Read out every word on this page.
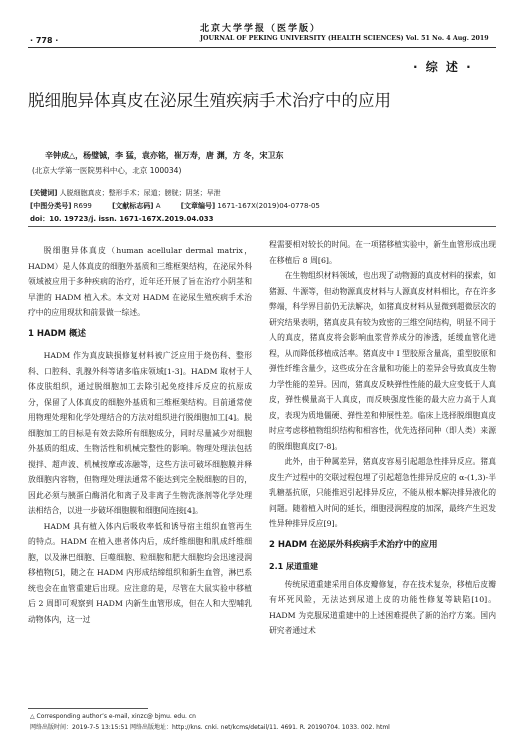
· 778 ·
北京大学学报（医学版）
JOURNAL OF PEKING UNIVERSITY (HEALTH SCIENCES) Vol. 51 No. 4 Aug. 2019
· 综 述 ·
脱细胞异体真皮在泌尿生殖疾病手术治疗中的应用
辛钟成△，杨璧铖，李 猛，袁亦铭，崔万寿，唐 渊，方 冬，宋卫东
(北京大学第一医院男科中心，北京 100034)
[关键词] 人脱细胞真皮；整形手术；尿道；膀胱；阴茎；早泄
[中图分类号] R699	[文献标志码] A	[文章编号] 1671-167X(2019)04-0778-05
doi：10. 19723/j. issn. 1671-167X.2019.04.033

脱细胞异体真皮（human acellular dermal matrix，HADM）是人体真皮的细胞外基质和三维框架结构，在泌尿外科领域被应用于多种疾病的治疗，近年还开展了旨在治疗小阴茎和早泄的 HADM 植入术。本文对 HADM 在泌尿生殖疾病手术治疗中的应用现状和前景做一综述。

1 HADM 概述

HADM 作为真皮缺损修复材料被广泛应用于烧伤科、整形科、口腔科、乳腺外科等诸多临床领域[1-3]。HADM 取材于人体皮肤组织，通过脱细胞加工去除引起免疫排斥反应的抗原成分，保留了人体真皮的细胞外基质和三维框架结构。目前通常使用物理处理和化学处理结合的方法对组织进行脱细胞加工[4]。脱细胞加工的目标是有效去除所有细胞成分，同时尽量减少对细胞外基质的组成、生物活性和机械完整性的影响。物理处理法包括搅拌、超声波、机械按摩或冻融等，这些方法可破坏细胞膜并释放细胞内容物，但物理处理法通常不能达到完全脱细胞的目的，因此必须与胰蛋白酶消化和离子及非离子生物洗涤剂等化学处理法相结合，以进一步破坏细胞膜和细胞间连接[4]。

HADM 具有植入体内后吸收率低和诱导宿主组织血管再生的特点。HADM 在植入患者体内后，成纤维细胞和肌成纤维细胞，以及淋巴细胞、巨噬细胞、粒细胞和肥大细胞均会迅速浸润移植物[5]，随之在 HADM 内形成结缔组织和新生血管，淋巴系统也会在血管重建后出现。应注意的是，尽管在大鼠实验中移植后 2 周即可观察到 HADM 内新生血管形成，但在人和大型哺乳动物体内，这一过

程需要相对较长的时间。在一项猪移植实验中，新生血管形成出现在移植后 8 周[6]。

在生物组织材料领域，也出现了动物源的真皮材料的探索，如猪源、牛源等，但动物源真皮材料与人源真皮材料相比，存在许多弊端，科学界目前仍无法解决，如猪真皮材料从显微到超微层次的研究结果表明，猪真皮具有较为致密的三维空间结构，明显不同于人的真皮，猪真皮将会影响血浆营养成分的渗透，延缓血管化进程，从而降低移植成活率。猪真皮中 I 型胶原含量高，重型胶原和弹性纤维含量少，这些成分在含量和功能上的差异会导致真皮生物力学性能的差异。因而，猪真皮反映弹性性能的最大应变低于人真皮，弹性模量高于人真皮，而反映强度性能的最大应力高于人真皮，表现为质地僵硬、弹性差和伸展性差。临床上选择脱细胞真皮时应考虑移植物组织结构和相容性，优先选择同种（即人类）来源的脱细胞真皮[7-8]。

此外，由于种属差异，猪真皮容易引起超急性排异反应。猪真皮生产过程中的交联过程包埋了引起超急性排异反应的 α-(1,3)-半乳糖基抗原，只能推迟引起排异反应，不能从根本解决排异液化的问题。随着植入时间的延长，细胞浸润程度的加深，最终产生迟发性异种排异反应[9]。

2 HADM 在泌尿外科疾病手术治疗中的应用
2.1 尿道重建

传统尿道重建采用自体皮瓣修复，存在技术复杂，移植后皮瓣有坏死风险，无法达到尿道上皮的功能性修复等缺陷[10]。HADM 为克服尿道重建中的上述困难提供了新的治疗方案。国内研究者通过术

△ Corresponding author’s e-mail, xinzc@ bjmu. edu. cn
网络出版时间：2019-7-5 13:15:51 网络出版地址：http://kns. cnki. net/kcms/detail/11. 4691. R. 20190704. 1033. 002. html
